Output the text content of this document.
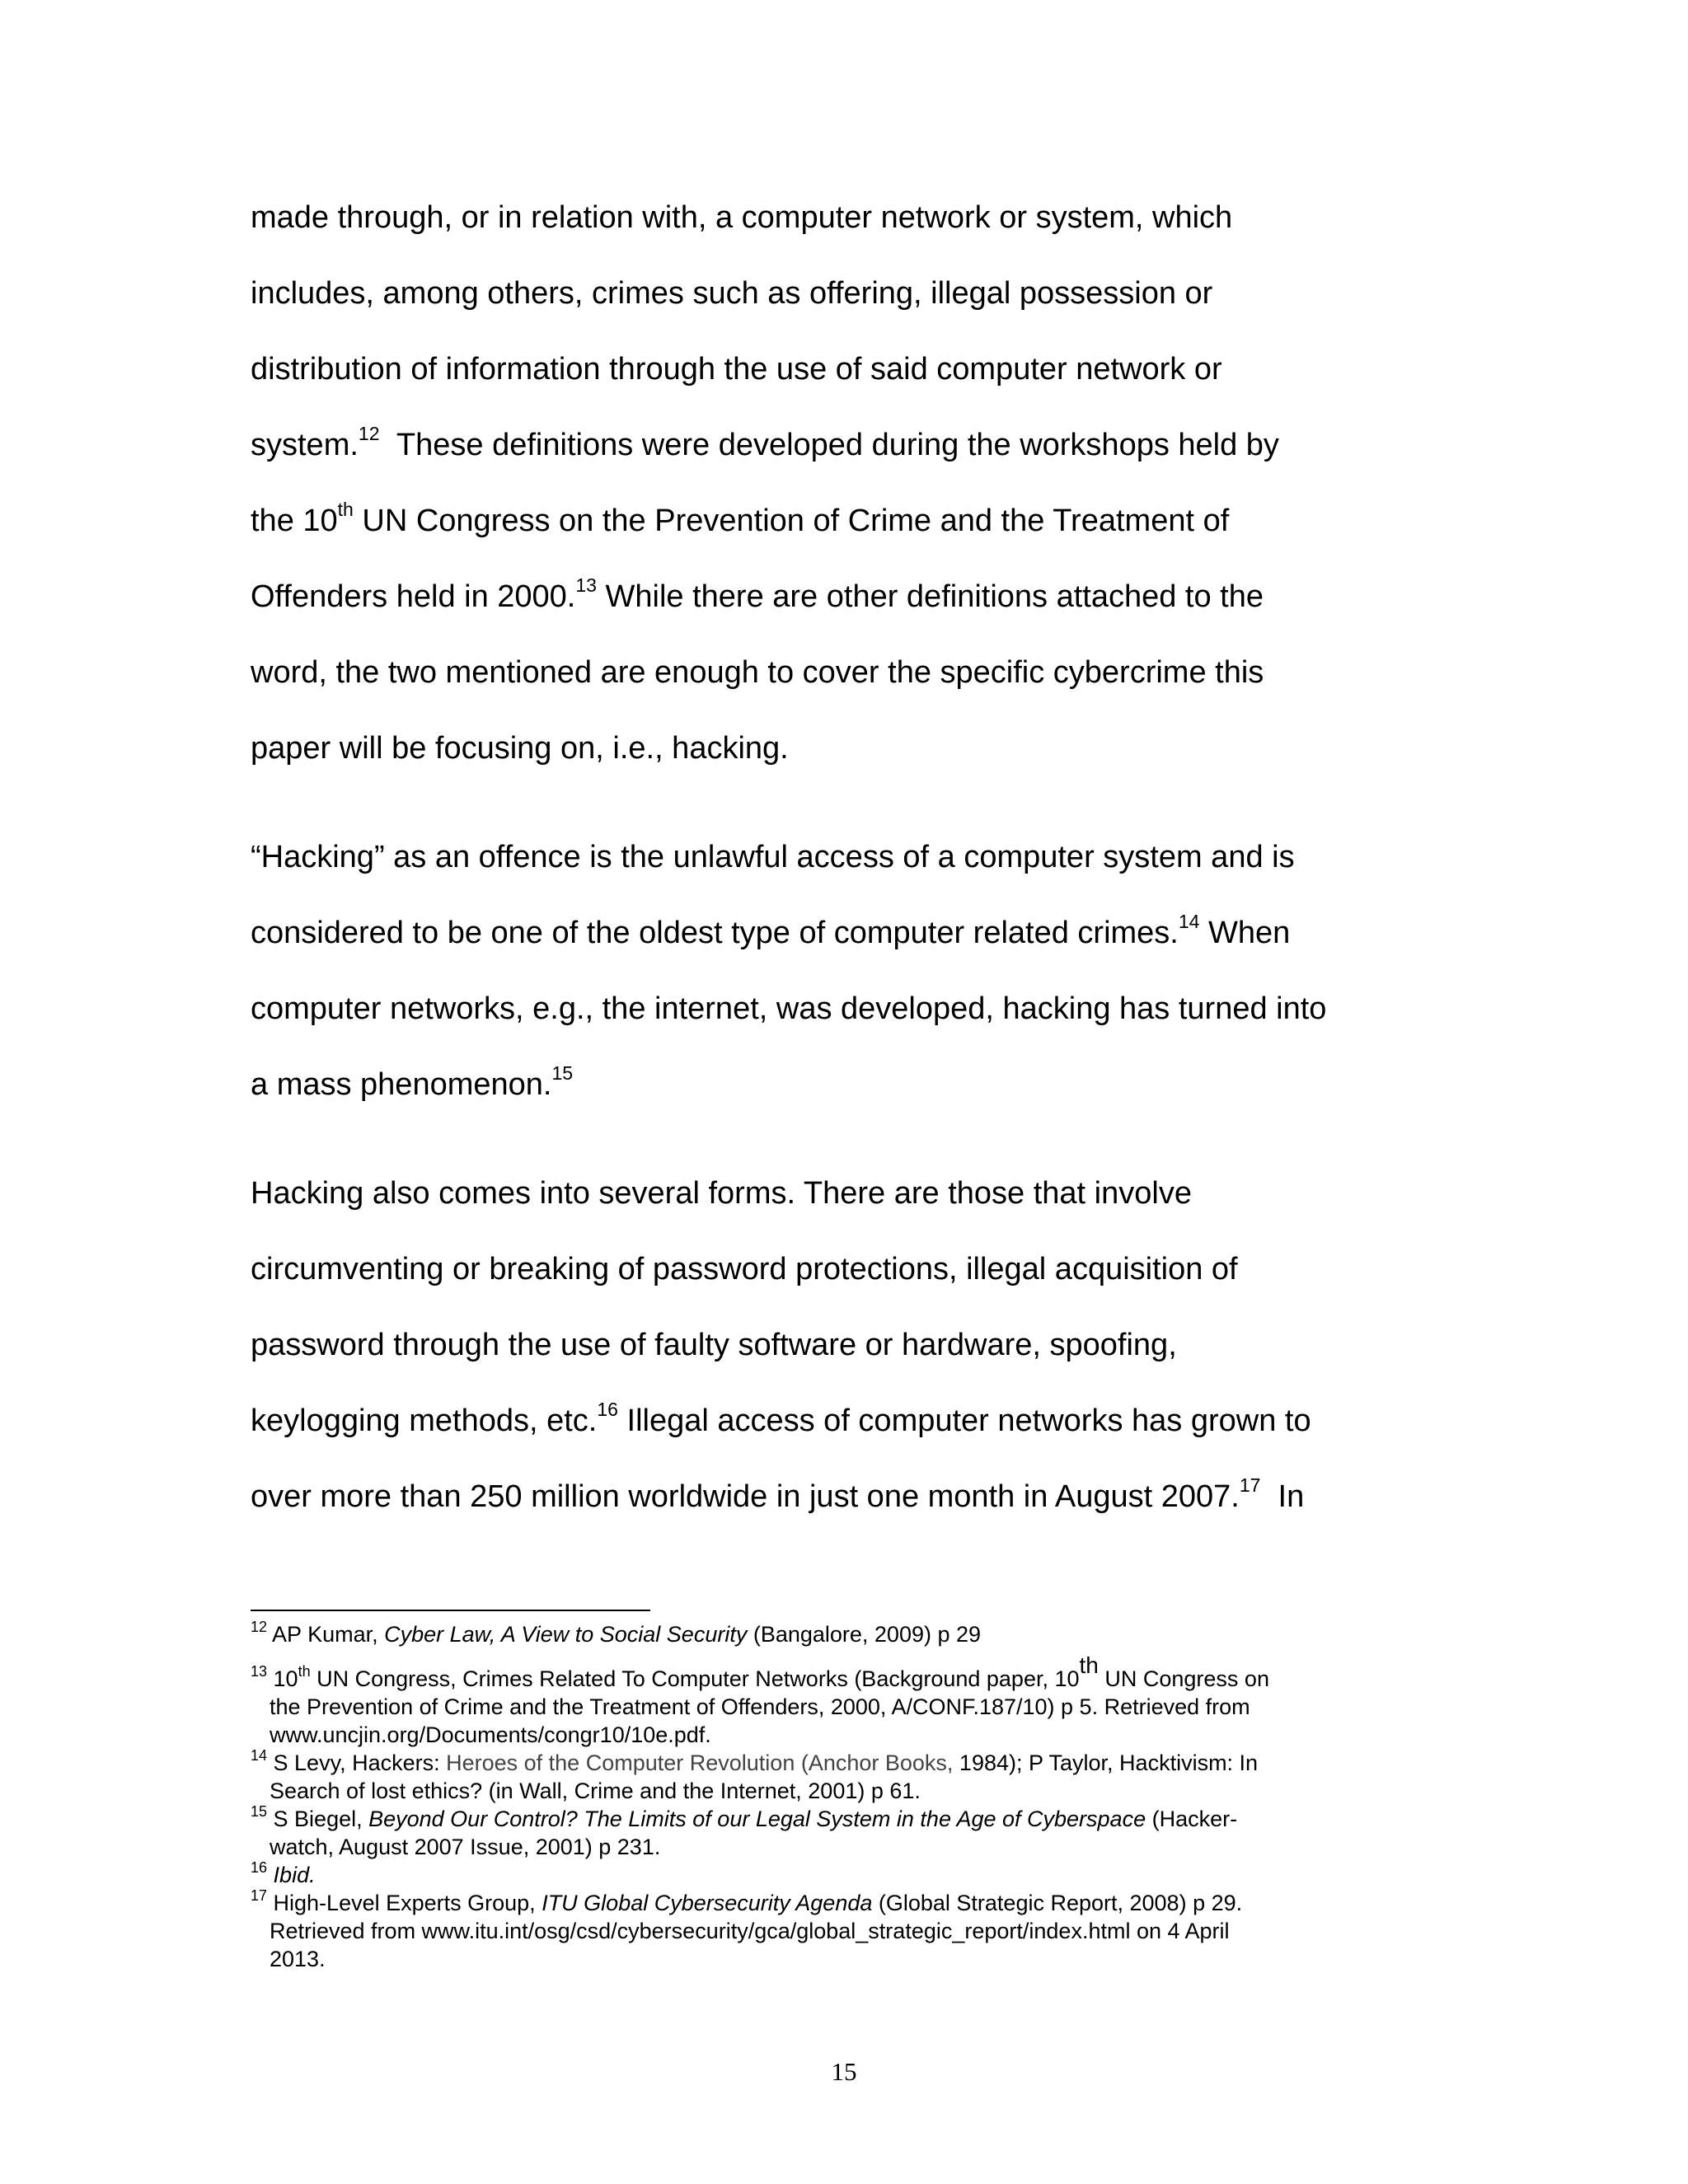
made through, or in relation with, a computer network or system, which
includes, among others, crimes such as offering, illegal possession or
distribution of information through the use of said computer network or
system.$^{12}$  These definitions were developed during the workshops held by
the 10th UN Congress on the Prevention of Crime and the Treatment of
Offenders held in 2000.13 While there are other definitions attached to the
word, the two mentioned are enough to cover the specific cybercrime this
paper will be focusing on, i.e., hacking.
“Hacking” as an offence is the unlawful access of a computer system and is
considered to be one of the oldest type of computer related crimes.$^{14}$ When
computer networks, e.g., the internet, was developed, hacking has turned into
a mass phenomenon.$^{15}$
Hacking also comes into several forms. There are those that involve
circumventing or breaking of password protections, illegal acquisition of
password through the use of faulty software or hardware, spoofing,
keylogging methods, etc.$^{16}$ Illegal access of computer networks has grown to
over more than 250 million worldwide in just one month in August 2007.17  In
$^{12}$ AP Kumar, Cyber Law, A View to Social Security (Bangalore, 2009) p 29
$^{13}$ 10th UN Congress, Crimes Related To Computer Networks (Background paper, 10th UN Congress on
the Prevention of Crime and the Treatment of Offenders, 2000, A/CONF.187/10) p 5. Retrieved from
www.uncjin.org/Documents/congr10/10e.pdf.
$^{14}$ S Levy, Hackers: Heroes of the Computer Revolution (Anchor Books, 1984); P Taylor, Hacktivism: In
Search of lost ethics? (in Wall, Crime and the Internet, 2001) p 61.
$^{15}$ S Biegel, Beyond Our Control? The Limits of our Legal System in the Age of Cyberspace (Hacker-
watch, August 2007 Issue, 2001) p 231.
$^{16}$ Ibid.
$^{17}$ High-Level Experts Group, ITU Global Cybersecurity Agenda (Global Strategic Report, 2008) p 29.
Retrieved from www.itu.int/osg/csd/cybersecurity/gca/global_strategic_report/index.html on 4 April
2013.
15
